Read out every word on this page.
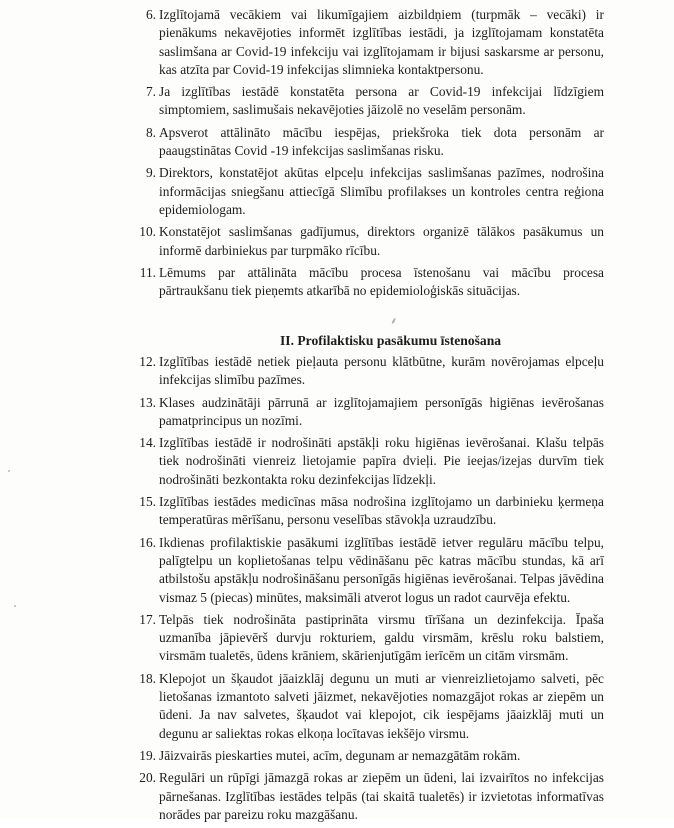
⸙
6. Izglītojamā vecākiem vai likumīgajiem aizbildņiem (turpmāk – vecāki) ir pienākums nekavējoties informēt izglītības iestādi, ja izglītojamam konstatēta saslimšana ar Covid-19 infekciju vai izglītojamam ir bijusi saskarsme ar personu, kas atzīta par Covid-19 infekcijas slimnieka kontaktpersonu.
7. Ja izglītības iestādē konstatēta persona ar Covid-19 infekcijai līdzīgiem simptomiem, saslimušais nekavējoties jāizolē no veselām personām.
8. Apsverot attālināto mācību iespējas, priekšroka tiek dota personām ar paaugstinātas Covid -19 infekcijas saslimšanas risku.
9. Direktors, konstatējot akūtas elpceļu infekcijas saslimšanas pazīmes, nodrošina informācijas sniegšanu attiecīgā Slimību profilakses un kontroles centra reģiona epidemiologam.
10. Konstatējot saslimšanas gadījumus, direktors organizē tālākos pasākumus un informē darbiniekus par turpmāko rīcību.
11. Lēmums par attālināta mācību procesa īstenošanu vai mācību procesa pārtraukšanu tiek pieņemts atkarībā no epidemioloģiskās situācijas.
II. Profilaktisku pasākumu īstenošana
12. Izglītības iestādē netiek pieļauta personu klātbūtne, kurām novērojamas elpceļu infekcijas slimību pazīmes.
13. Klases audzinātāji pārrunā ar izglītojamajiem personīgās higiēnas ievērošanas pamatprincipus un nozīmi.
14. Izglītības iestādē ir nodrošināti apstākļi roku higiēnas ievērošanai. Klašu telpās tiek nodrošināti vienreiz lietojamie papīra dvieļi. Pie ieejas/izejas durvīm tiek nodrošināti bezkontakta roku dezinfekcijas līdzekļi.
15. Izglītības iestādes medicīnas māsa nodrošina izglītojamo un darbinieku ķermeņa temperatūras mērīšanu, personu veselības stāvokļa uzraudzību.
16. Ikdienas profilaktiskie pasākumi izglītības iestādē ietver regulāru mācību telpu, palīgtelpu un koplietošanas telpu vēdināšanu pēc katras mācību stundas, kā arī atbilstošu apstākļu nodrošināšanu personīgās higiēnas ievērošanai. Telpas jāvēdina vismaz 5 (piecas) minūtes, maksimāli atverot logus un radot caurvēja efektu.
17. Telpās tiek nodrošināta pastiprināta virsmu tīrīšana un dezinfekcija. Īpaša uzmanība jāpievērš durvju rokturiem, galdu virsmām, krēslu roku balstiem, virsmām tualetēs, ūdens krāniem, skārienjutīgām ierīcēm un citām virsmām.
18. Klepojot un šķaudot jāaizklāj degunu un muti ar vienreizlietojamo salveti, pēc lietošanas izmantoto salveti jāizmet, nekavējoties nomazgājot rokas ar ziepēm un ūdeni. Ja nav salvetes, šķaudot vai klepojot, cik iespējams jāaizklāj muti un degunu ar saliektas rokas elkoņa locītavas iekšējo virsmu.
19. Jāizvairās pieskarties mutei, acīm, degunam ar nemazgātām rokām.
20. Regulāri un rūpīgi jāmazgā rokas ar ziepēm un ūdeni, lai izvairītos no infekcijas pārnešanas. Izglītības iestādes telpās (tai skaitā tualetēs) ir izvietotas informatīvas norādes par pareizu roku mazgāšanu.
